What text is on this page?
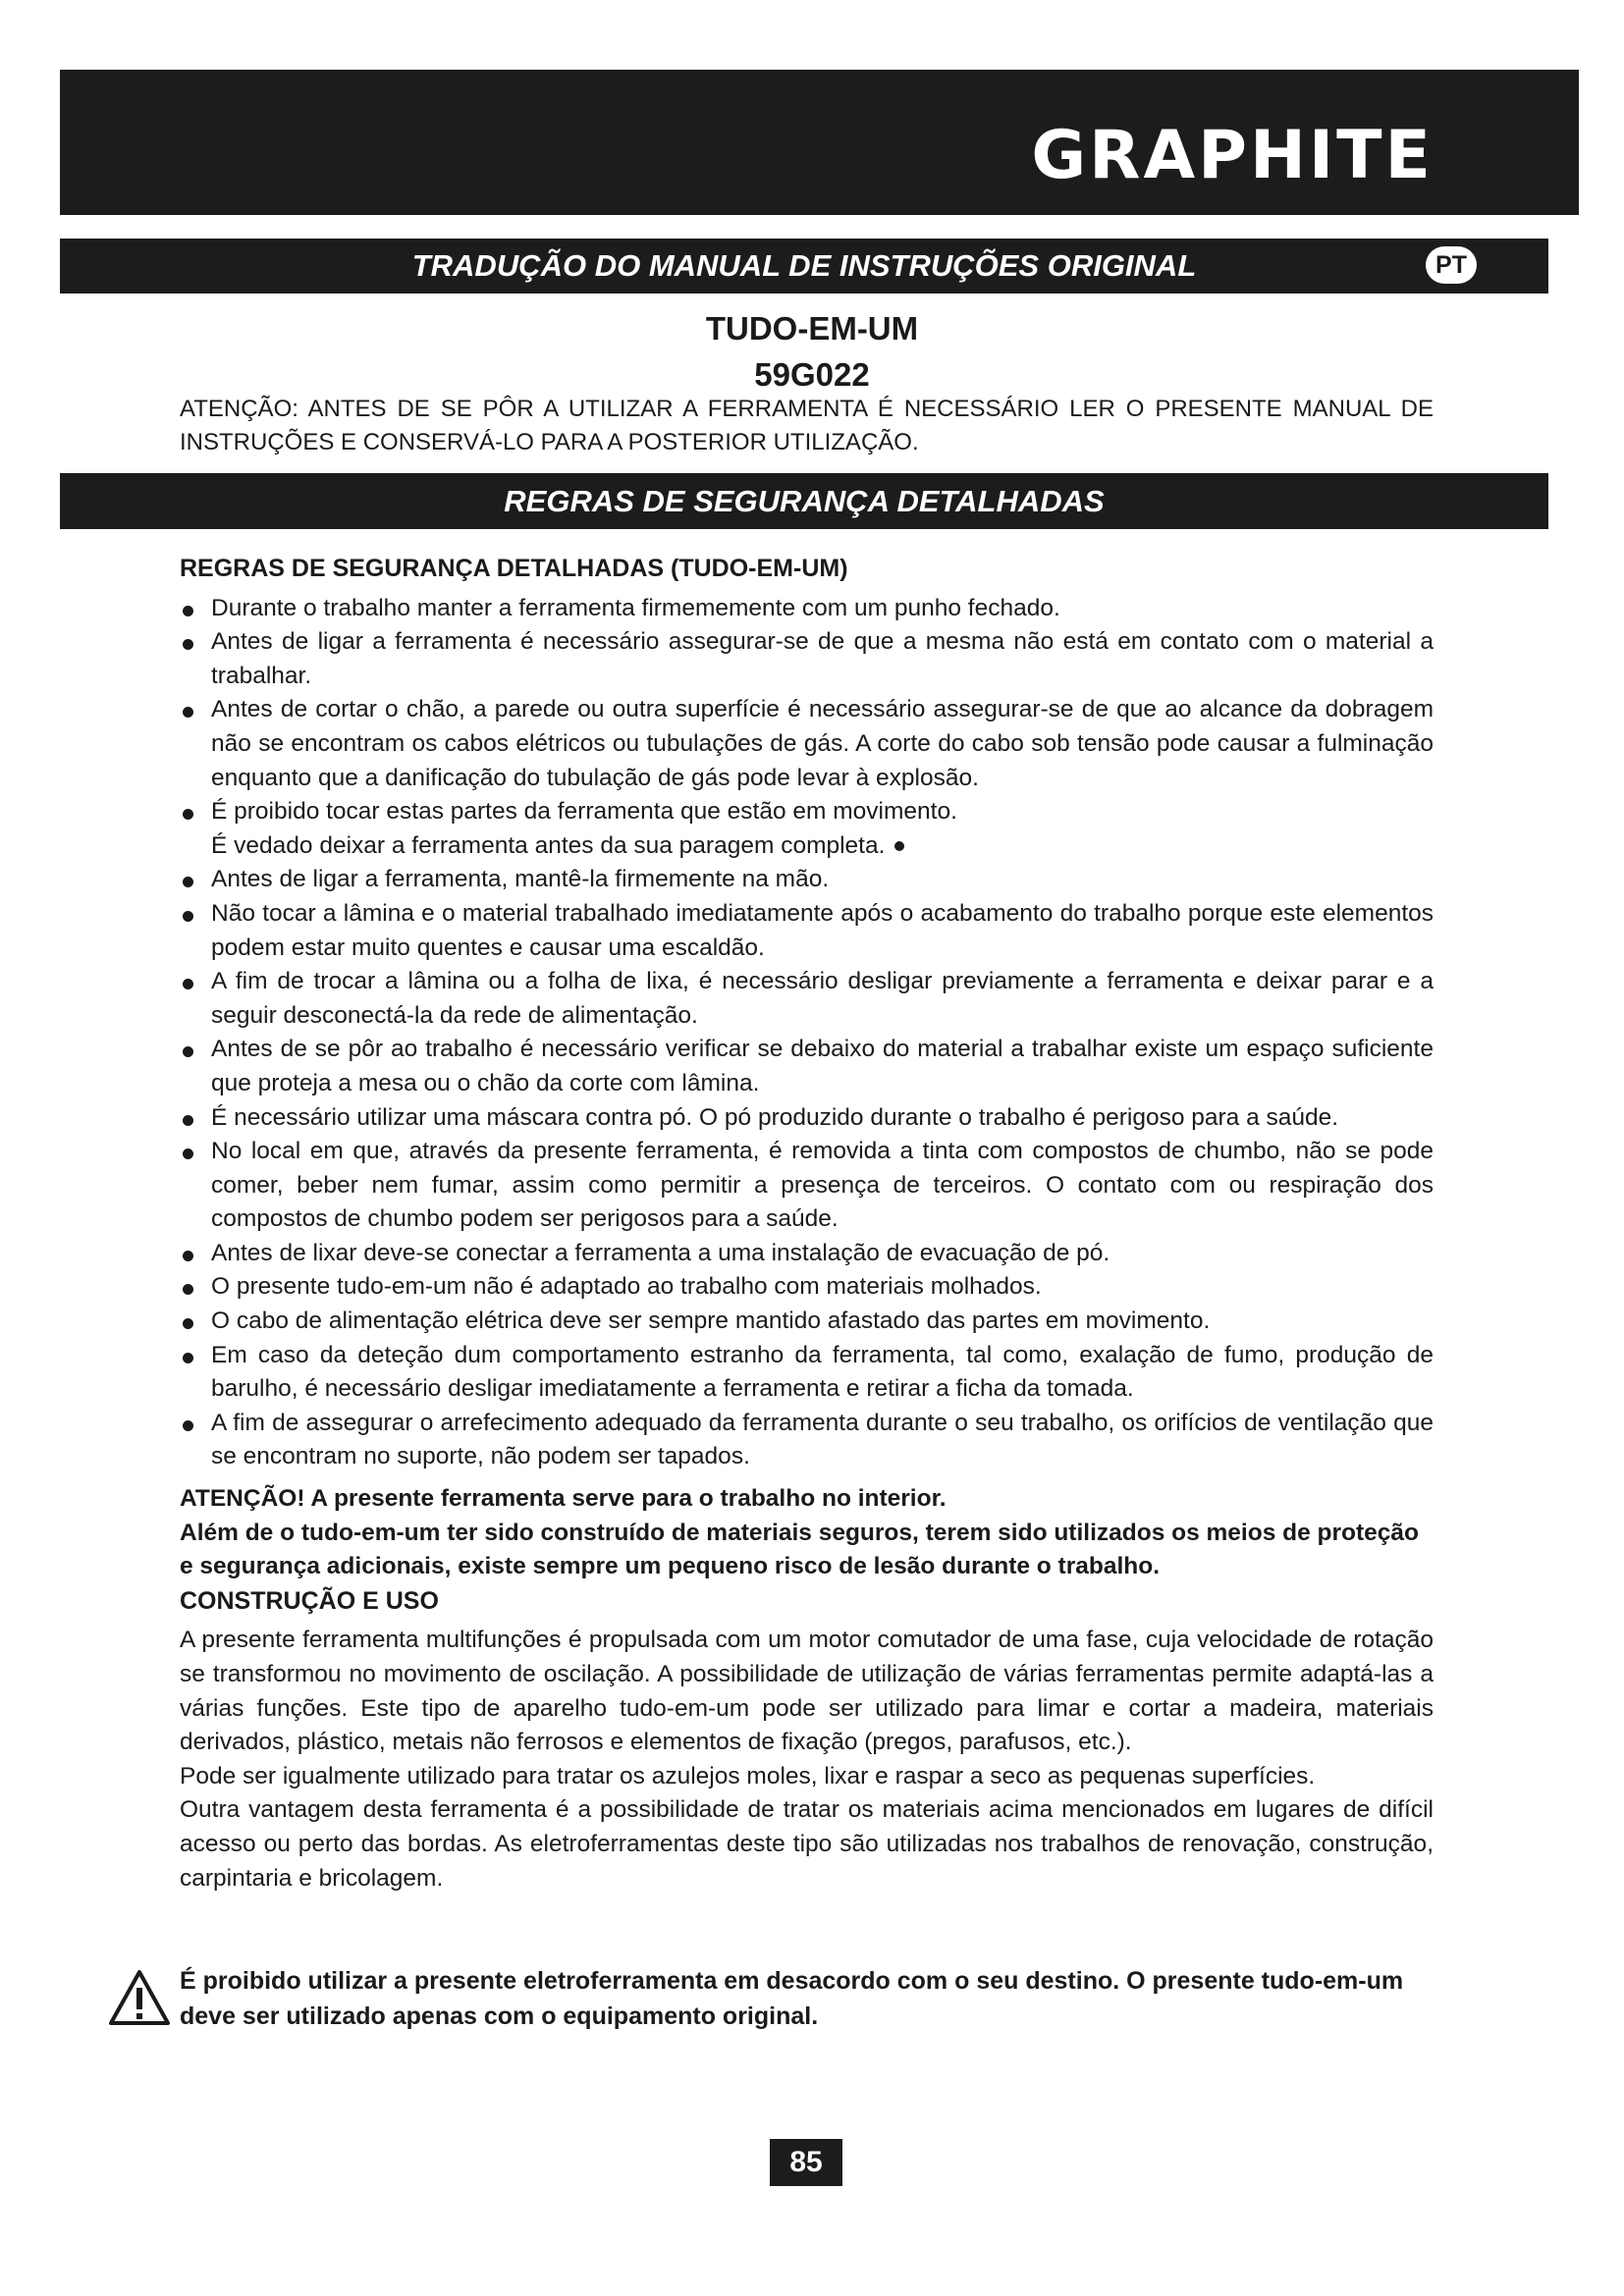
GRAPHITE
TRADUÇÃO DO MANUAL DE INSTRUÇÕES ORIGINAL	PT
TUDO-EM-UM
59G022
ATENÇÃO: ANTES DE SE PÔR A UTILIZAR A FERRAMENTA É NECESSÁRIO LER O PRESENTE MANUAL DE INSTRUÇÕES E CONSERVÁ-LO PARA A POSTERIOR UTILIZAÇÃO.
REGRAS DE SEGURANÇA DETALHADAS
REGRAS DE SEGURANÇA DETALHADAS (TUDO-EM-UM)
Durante o trabalho manter a ferramenta firmememente com um punho fechado.
Antes de ligar a ferramenta é necessário assegurar-se de que a mesma não está em contato com o material a trabalhar.
Antes de cortar o chão, a parede ou outra superfície é necessário assegurar-se de que ao alcance da dobragem não se encontram os cabos elétricos ou tubulações de gás. A corte do cabo sob tensão pode causar a fulminação enquanto que a danificação do tubulação de gás pode levar à explosão.
É proibido tocar estas partes da ferramenta que estão em movimento.
É vedado deixar a ferramenta antes da sua paragem completa.
Antes de ligar a ferramenta, mantê-la firmemente na mão.
Não tocar a lâmina e o material trabalhado imediatamente após o acabamento do trabalho porque este elementos podem estar muito quentes e causar uma escaldão.
A fim de trocar a lâmina ou a folha de lixa, é necessário desligar previamente a ferramenta e deixar parar e a seguir desconectá-la da rede de alimentação.
Antes de se pôr ao trabalho é necessário verificar se debaixo do material a trabalhar existe um espaço suficiente que proteja a mesa ou o chão da corte com lâmina.
É necessário utilizar uma máscara contra pó. O pó produzido durante o trabalho é perigoso para a saúde.
No local em que, através da presente ferramenta, é removida a tinta com compostos de chumbo, não se pode comer, beber nem fumar, assim como permitir a presença de terceiros. O contato com ou respiração dos compostos de chumbo podem ser perigosos para a saúde.
Antes de lixar deve-se conectar a ferramenta a uma instalação de evacuação de pó.
O presente tudo-em-um não é adaptado ao trabalho com materiais molhados.
O cabo de alimentação elétrica deve ser sempre mantido afastado das partes em movimento.
Em caso da deteção dum comportamento estranho da ferramenta, tal como, exalação de fumo, produção de barulho, é necessário desligar imediatamente a ferramenta e retirar a ficha da tomada.
A fim de assegurar o arrefecimento adequado da ferramenta durante o seu trabalho, os orifícios de ventilação que se encontram no suporte, não podem ser tapados.
ATENÇÃO! A presente ferramenta serve para o trabalho no interior.
Além de o tudo-em-um ter sido construído de materiais seguros, terem sido utilizados os meios de proteção e segurança adicionais, existe sempre um pequeno risco de lesão durante o trabalho.
CONSTRUÇÃO E USO

A presente ferramenta multifunções é propulsada com um motor comutador de uma fase, cuja velocidade de rotação se transformou no movimento de oscilação. A possibilidade de utilização de várias ferramentas permite adaptá-las a várias funções. Este tipo de aparelho tudo-em-um pode ser utilizado para limar e cortar a madeira, materiais derivados, plástico, metais não ferrosos e elementos de fixação (pregos, parafusos, etc.).

Pode ser igualmente utilizado para tratar os azulejos moles, lixar e raspar a seco as pequenas superfícies.

Outra vantagem desta ferramenta é a possibilidade de tratar os materiais acima mencionados em lugares de difícil acesso ou perto das bordas. As eletroferramentas deste tipo são utilizadas nos trabalhos de renovação, construção, carpintaria e bricolagem.

É proibido utilizar a presente eletroferramenta em desacordo com o seu destino. O presente tudo-em-um deve ser utilizado apenas com o equipamento original.
85
